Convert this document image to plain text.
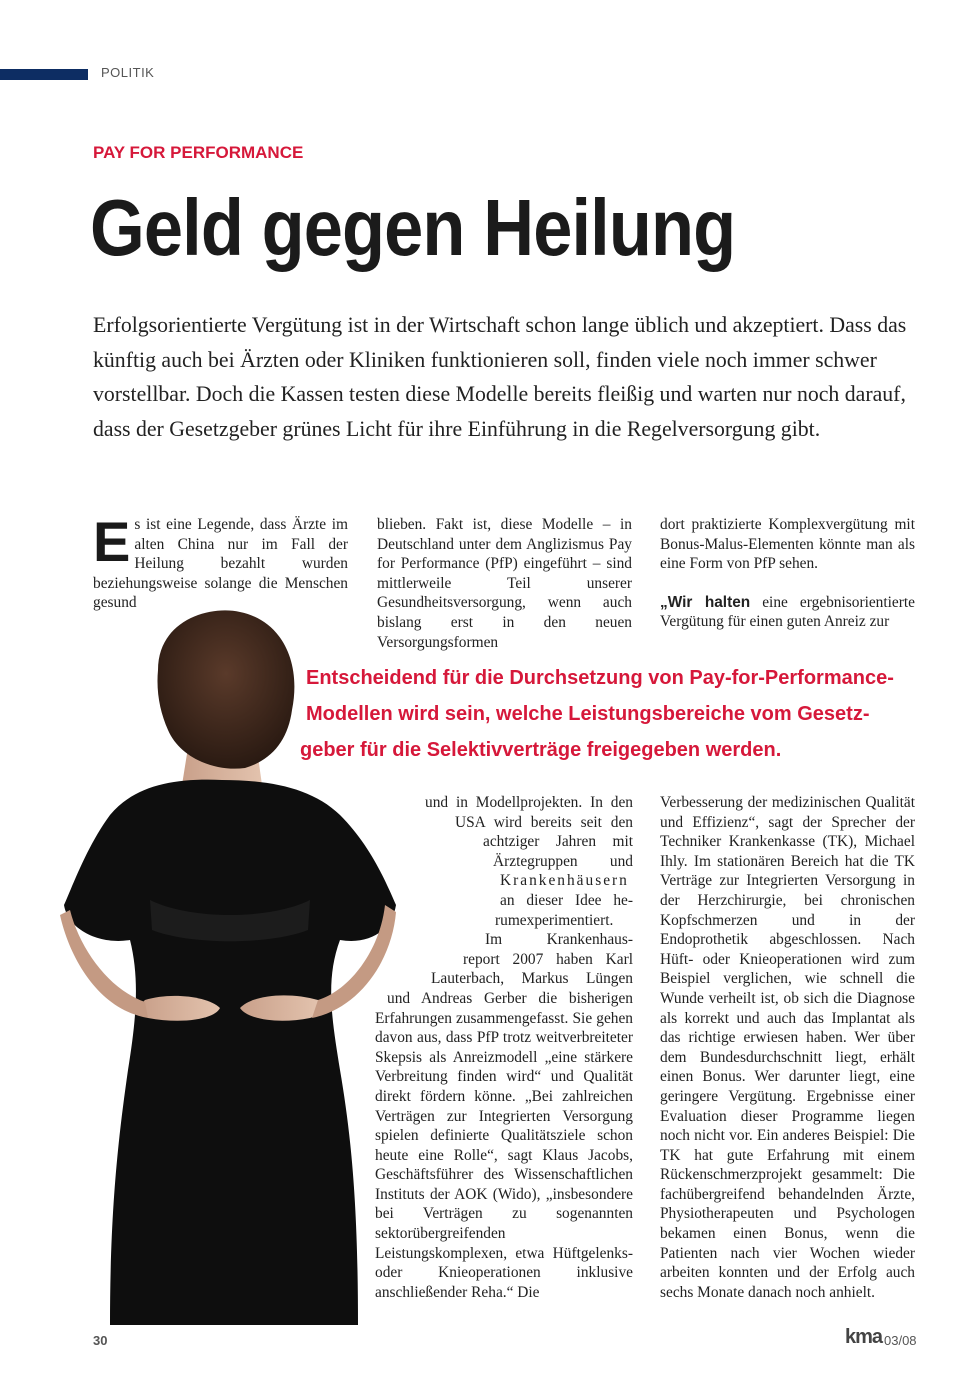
POLITIK
PAY FOR PERFORMANCE
Geld gegen Heilung
Erfolgsorientierte Vergütung ist in der Wirtschaft schon lange üblich und akzeptiert. Dass das künftig auch bei Ärzten oder Kliniken funktionieren soll, finden viele noch immer schwer vorstellbar. Doch die Kassen testen diese Modelle bereits fleißig und warten nur noch darauf, dass der Gesetzgeber grünes Licht für ihre Einführung in die Regelversorgung gibt.
E s ist eine Legende, dass Ärzte im alten China nur im Fall der Heilung bezahlt wurden beziehungsweise solange die Menschen gesund
blieben. Fakt ist, diese Modelle – in Deutschland unter dem Anglizismus Pay for Performance (PfP) eingeführt – sind mittlerweile Teil unserer Gesundheitsversorgung, wenn auch bislang erst in den neuen Versorgungsformen

dort praktizierte Komplexvergütung mit Bonus-Malus-Elementen könnte man als eine Form von PfP sehen.

„Wir halten eine ergebnisorientierte Vergütung für einen guten Anreiz zur

Entscheidend für die Durchsetzung von Pay-for-Performance-
Modellen wird sein, welche Leistungsbereiche vom Gesetz-
geber für die Selektivverträge freigegeben werden.
und in Modellprojekten. In den
USA wird bereits seit den
achtziger Jahren mit
Ärztegruppen und
Krankenhäusern
an dieser Idee he-
rumexperimentiert.
Im Krankenhaus-
report 2007 haben Karl
Lauterbach, Markus Lüngen
und Andreas Gerber die bisherigen

Erfahrungen zusammengefasst. Sie gehen davon aus, dass PfP trotz weitverbreiteter Skepsis als Anreizmodell „eine stärkere Verbreitung finden wird“ und Qualität direkt fördern könne. „Bei zahlreichen Verträgen zur Integrierten Versorgung spielen definierte Qualitätsziele schon heute eine Rolle“, sagt Klaus Jacobs, Geschäftsführer des Wissenschaftlichen Instituts der AOK (Wido), „insbesondere bei Verträgen zu sogenannten sektorübergreifenden Leistungskomplexen, etwa Hüftgelenks- oder Knieoperationen inklusive anschließender Reha.“ Die

Verbesserung der medizinischen Qualität und Effizienz“, sagt der Sprecher der Techniker Krankenkasse (TK), Michael Ihly. Im stationären Bereich hat die TK Verträge zur Integrierten Versorgung in der Herzchirurgie, bei chronischen Kopfschmerzen und in der Endoprothetik abgeschlossen. Nach Hüft- oder Knieoperationen wird zum Beispiel verglichen, wie schnell die Wunde verheilt ist, ob sich die Diagnose als korrekt und auch das Implantat als das richtige erwiesen haben. Wer über dem Bundesdurchschnitt liegt, erhält einen Bonus. Wer darunter liegt, eine geringere Vergütung. Ergebnisse einer Evaluation dieser Programme liegen noch nicht vor. Ein anderes Beispiel: Die TK hat gute Erfahrung mit einem Rückenschmerzprojekt gesammelt: Die fachübergreifend behandelnden Ärzte, Physiotherapeuten und Psychologen bekamen einen Bonus, wenn die Patienten nach vier Wochen wieder arbeiten konnten und der Erfolg auch sechs Monate danach noch anhielt.
30	kma 03/08
